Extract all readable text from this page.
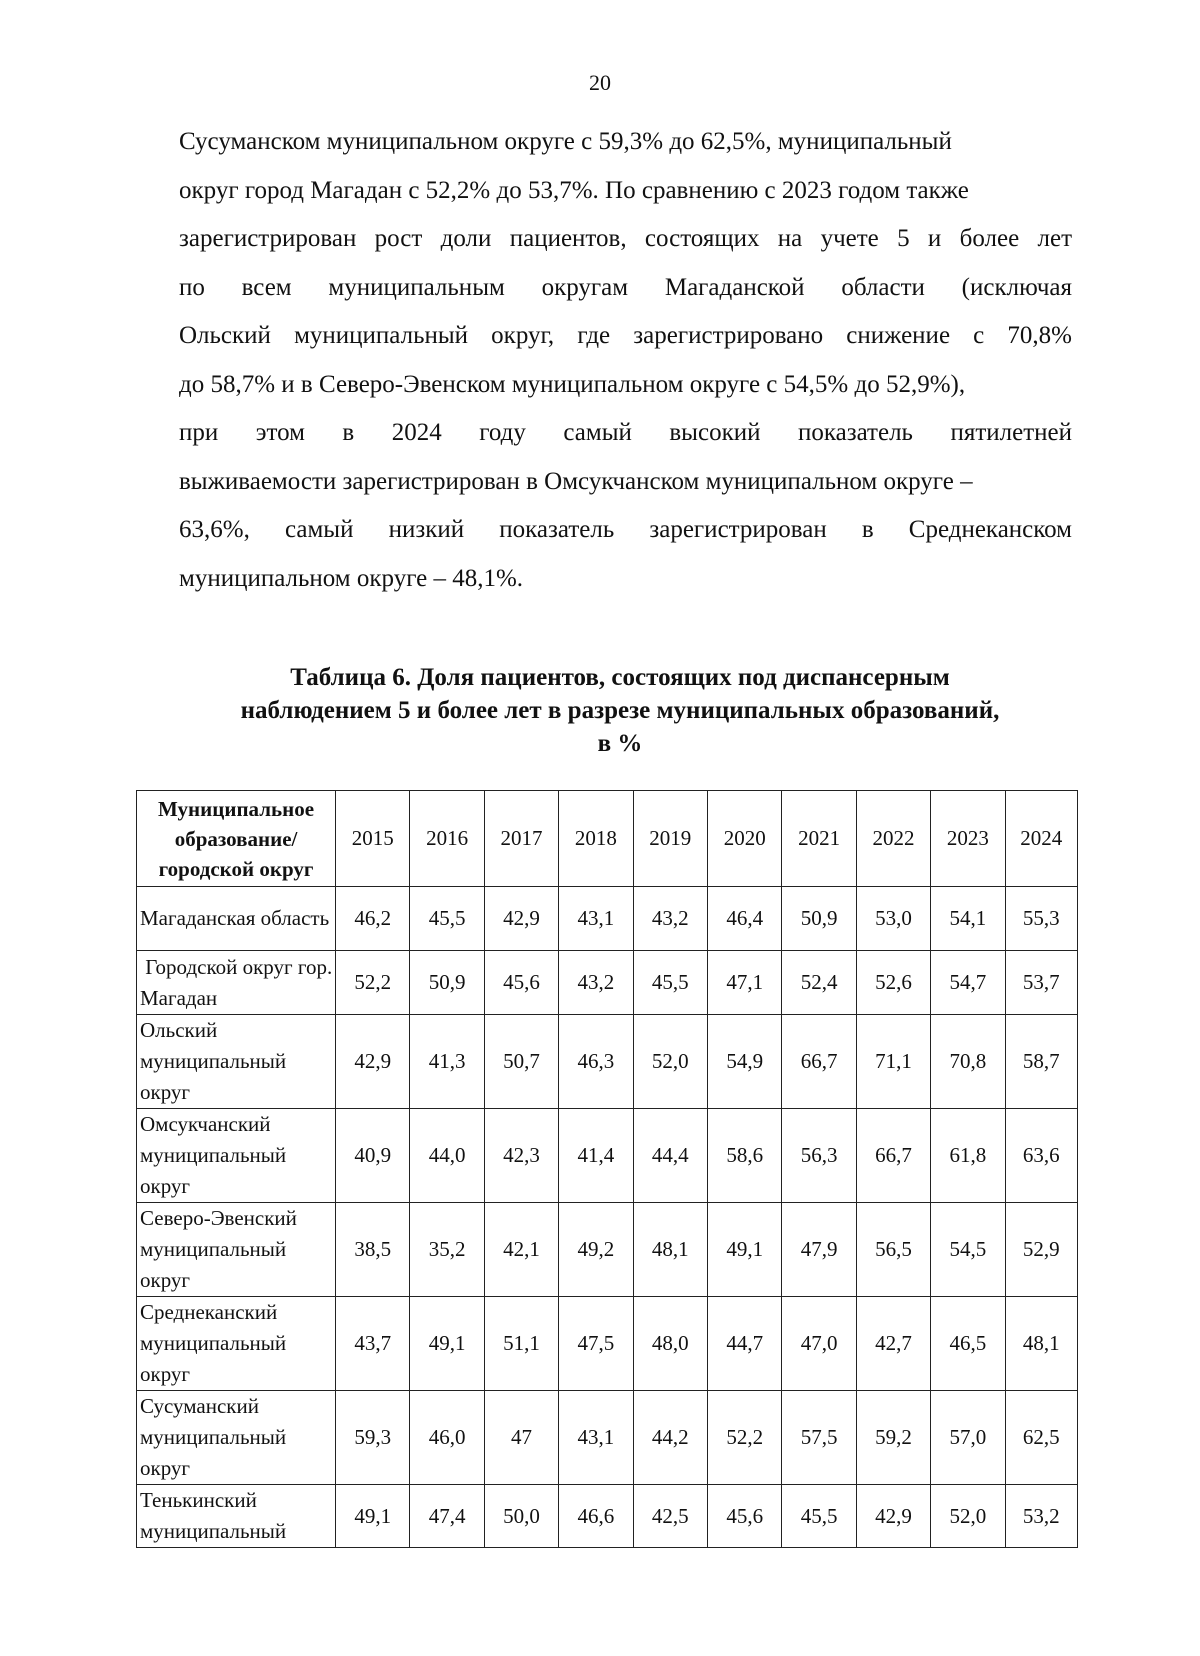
20
Сусуманском муниципальном округе с 59,3% до 62,5%, муниципальный
округ город Магадан с 52,2% до 53,7%. По сравнению с 2023 годом также
зарегистрирован рост доли пациентов, состоящих на учете 5 и более лет
по всем муниципальным округам Магаданской области (исключая
Ольский муниципальный округ, где зарегистрировано снижение с 70,8%
до 58,7% и в Северо-Эвенском муниципальном округе с 54,5% до 52,9%),
при этом в 2024 году самый высокий показатель пятилетней
выживаемости зарегистрирован в Омсукчанском муниципальном округе –
63,6%, самый низкий показатель зарегистрирован в Среднеканском
муниципальном округе – 48,1%.
Таблица 6. Доля пациентов, состоящих под диспансерным
наблюдением 5 и более лет в разрезе муниципальных образований,
в %
Муниципальное образование/городской округ	2015	2016	2017	2018	2019	2020	2021	2022	2023	2024
Магаданская область	46,2	45,5	42,9	43,1	43,2	46,4	50,9	53,0	54,1	55,3
Городской округ гор. Магадан	52,2	50,9	45,6	43,2	45,5	47,1	52,4	52,6	54,7	53,7
Ольский муниципальный округ	42,9	41,3	50,7	46,3	52,0	54,9	66,7	71,1	70,8	58,7
Омсукчанский муниципальный округ	40,9	44,0	42,3	41,4	44,4	58,6	56,3	66,7	61,8	63,6
Северо-Эвенский муниципальный округ	38,5	35,2	42,1	49,2	48,1	49,1	47,9	56,5	54,5	52,9
Среднеканский муниципальный округ	43,7	49,1	51,1	47,5	48,0	44,7	47,0	42,7	46,5	48,1
Сусуманский муниципальный округ	59,3	46,0	47	43,1	44,2	52,2	57,5	59,2	57,0	62,5
Тенькинский муниципальный	49,1	47,4	50,0	46,6	42,5	45,6	45,5	42,9	52,0	53,2
